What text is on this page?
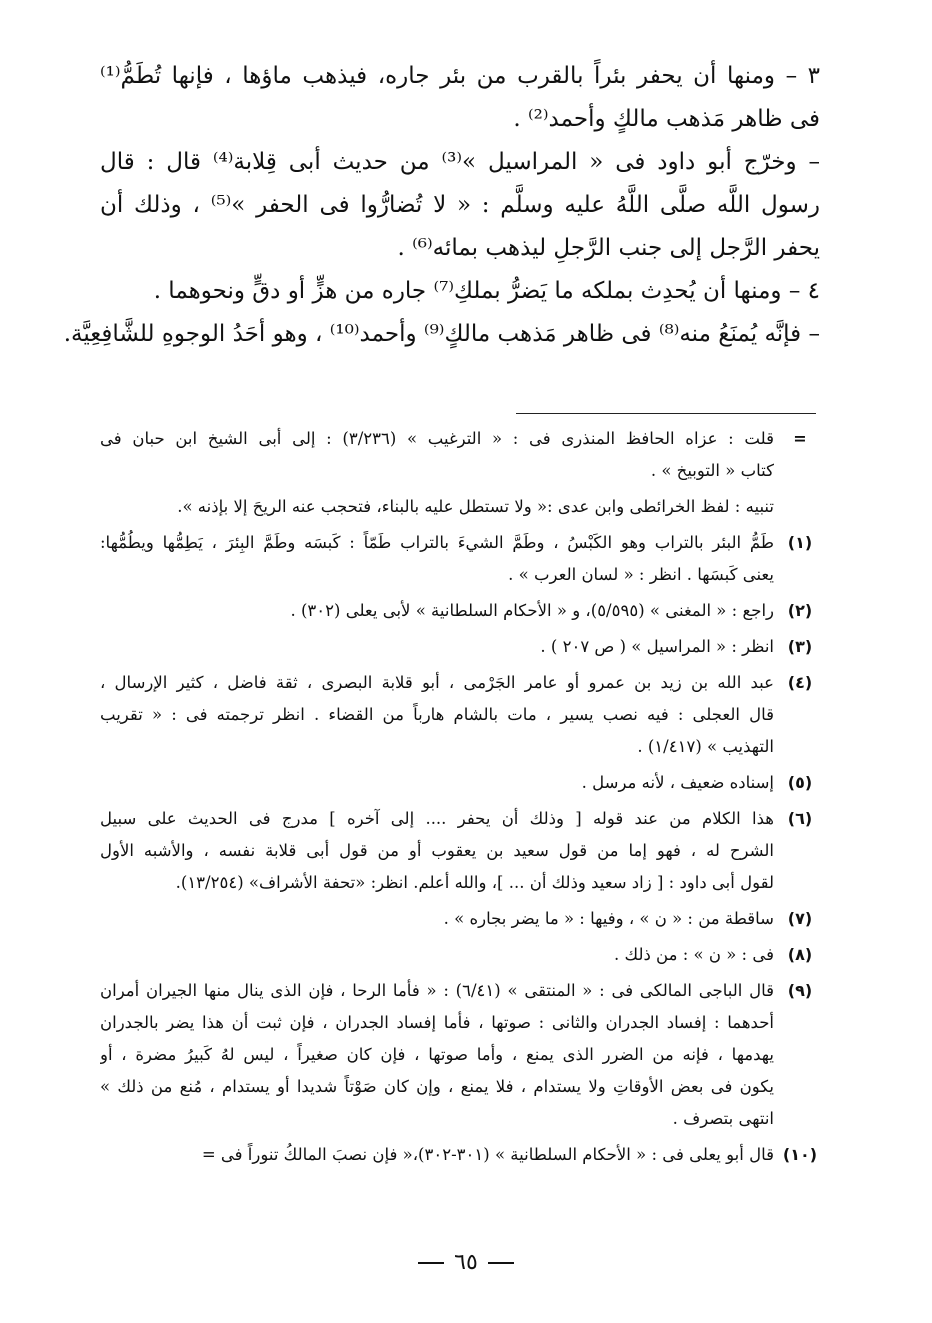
٣ – ومنها أن يحفر بئراً بالقرب من بئر جاره، فيذهب ماؤها ، فإنها تُطَمُّ⁽¹⁾
فى ظاهر مَذهب مالكٍ وأحمد⁽²⁾ .
– وخرّج أبو داود فى « المراسيل »⁽³⁾ من حديث أبى قِلابة⁽⁴⁾ قال : قال
رسول اللَّه صلَّى اللَّهُ عليه وسلَّم : « لا تُضارُّوا فى الحفر »⁽⁵⁾ ، وذلك أن
يحفر الرَّجل إلى جنب الرَّجلِ ليذهب بمائه⁽⁶⁾ .
٤ – ومنها أن يُحدِث بملكه ما يَضرُّ بملكِ⁽⁷⁾ جاره من هزٍّ أو دقٍّ ونحوهما .
– فإنَّه يُمنَعُ منه⁽⁸⁾ فى ظاهر مَذهب مالكٍ⁽⁹⁾ وأحمد⁽¹⁰⁾ ، وهو أحَدُ الوجوهِ للشَّافِعِيَّة.
=
قلت : عزاه الحافظ المنذرى فى : « الترغيب » (٣/٢٣٦) : إلى أبى الشيخ ابن حبان فى
كتاب « التوبيخ » .
تنبيه : لفظ الخرائطى وابن عدى :« ولا تستطل عليه بالبناء، فتحجب عنه الريحَ إلا بإذنه ».
(١)
طَمُّ البئر بالتراب وهو الكَبْسُ ، وطَمَّ الشيءَ بالتراب طَمّاً : كَبسَه وطَمَّ البِئرَ ، يَطِمُّها ويطُمُّها:
يعنى كَبسَها . انظر : « لسان العرب » .
(٢)
راجع : « المغنى » (٥/٥٩٥)، و « الأحكام السلطانية » لأبى يعلى (٣٠٢) .
(٣)
انظر : « المراسيل » ( ص ٢٠٧ ) .
(٤)
عبد الله بن زيد بن عمرو أو عامر الجَرْمى ، أبو قلابة البصرى ، ثقة فاضل ، كثير الإرسال ،
قال العجلى : فيه نصب يسير ، مات بالشام هارباً من القضاء . انظر ترجمته فى : « تقريب
التهذيب » (١/٤١٧) .
(٥)
إسناده ضعيف ، لأنه مرسل .
(٦)
هذا الكلام من عند قوله [ وذلك أن يحفر .... إلى آخره ] مدرج فى الحديث على سبيل
الشرح له ، فهو إما من قول سعيد بن يعقوب أو من قول أبى قلابة نفسه ، والأشبه الأول
لقول أبى داود : [ زاد سعيد وذلك أن ... ]، والله أعلم. انظر: «تحفة الأشراف» (١٣/٢٥٤).
(٧)
ساقطة من : « ن » ، وفيها : « ما يضر بجاره » .
(٨)
فى : « ن » : من ذلك .
(٩)
قال الباجى المالكى فى : « المنتقى » (٦/٤١) : « فأما الرحا ، فإن الذى ينال منها الجيران أمران
أحدهما : إفساد الجدران والثانى : صوتها ، فأما إفساد الجدران ، فإن ثبت أن هذا يضر بالجدران
يهدمها ، فإنه من الضرر الذى يمنع ، وأما صوتها ، فإن كان صغيراً ، ليس لهُ كَبيرُ مضرة ، أو
يكون فى بعض الأوقاتِ ولا يستدام ، فلا يمنع ، وإن كان صَوْتاً شديدا أو يستدام ، مُنع من ذلك »
انتهى بتصرف .
(١٠)
قال أبو يعلى فى : « الأحكام السلطانية » (٣٠١-٣٠٢)،« فإن نصبَ المالكُ تنوراً فى =
٦٥
